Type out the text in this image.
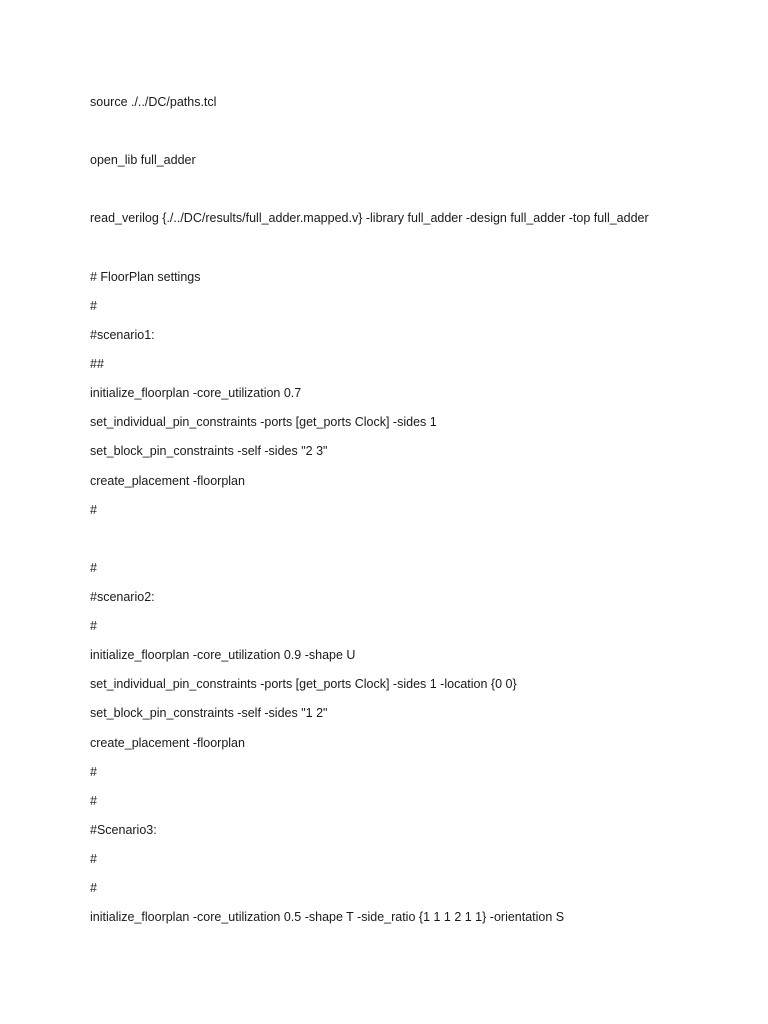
source ./../DC/paths.tcl
open_lib full_adder
read_verilog {./../DC/results/full_adder.mapped.v} -library full_adder -design full_adder -top full_adder
# FloorPlan settings
#
#scenario1:
##
initialize_floorplan -core_utilization 0.7
set_individual_pin_constraints -ports [get_ports Clock] -sides 1
set_block_pin_constraints -self -sides "2 3"
create_placement -floorplan
#
#
#scenario2:
#
initialize_floorplan -core_utilization 0.9 -shape U
set_individual_pin_constraints -ports [get_ports Clock] -sides 1 -location {0 0}
set_block_pin_constraints -self -sides "1 2"
create_placement -floorplan
#
#
#Scenario3:
#
#
initialize_floorplan -core_utilization 0.5 -shape T -side_ratio {1 1 1 2 1 1} -orientation S
